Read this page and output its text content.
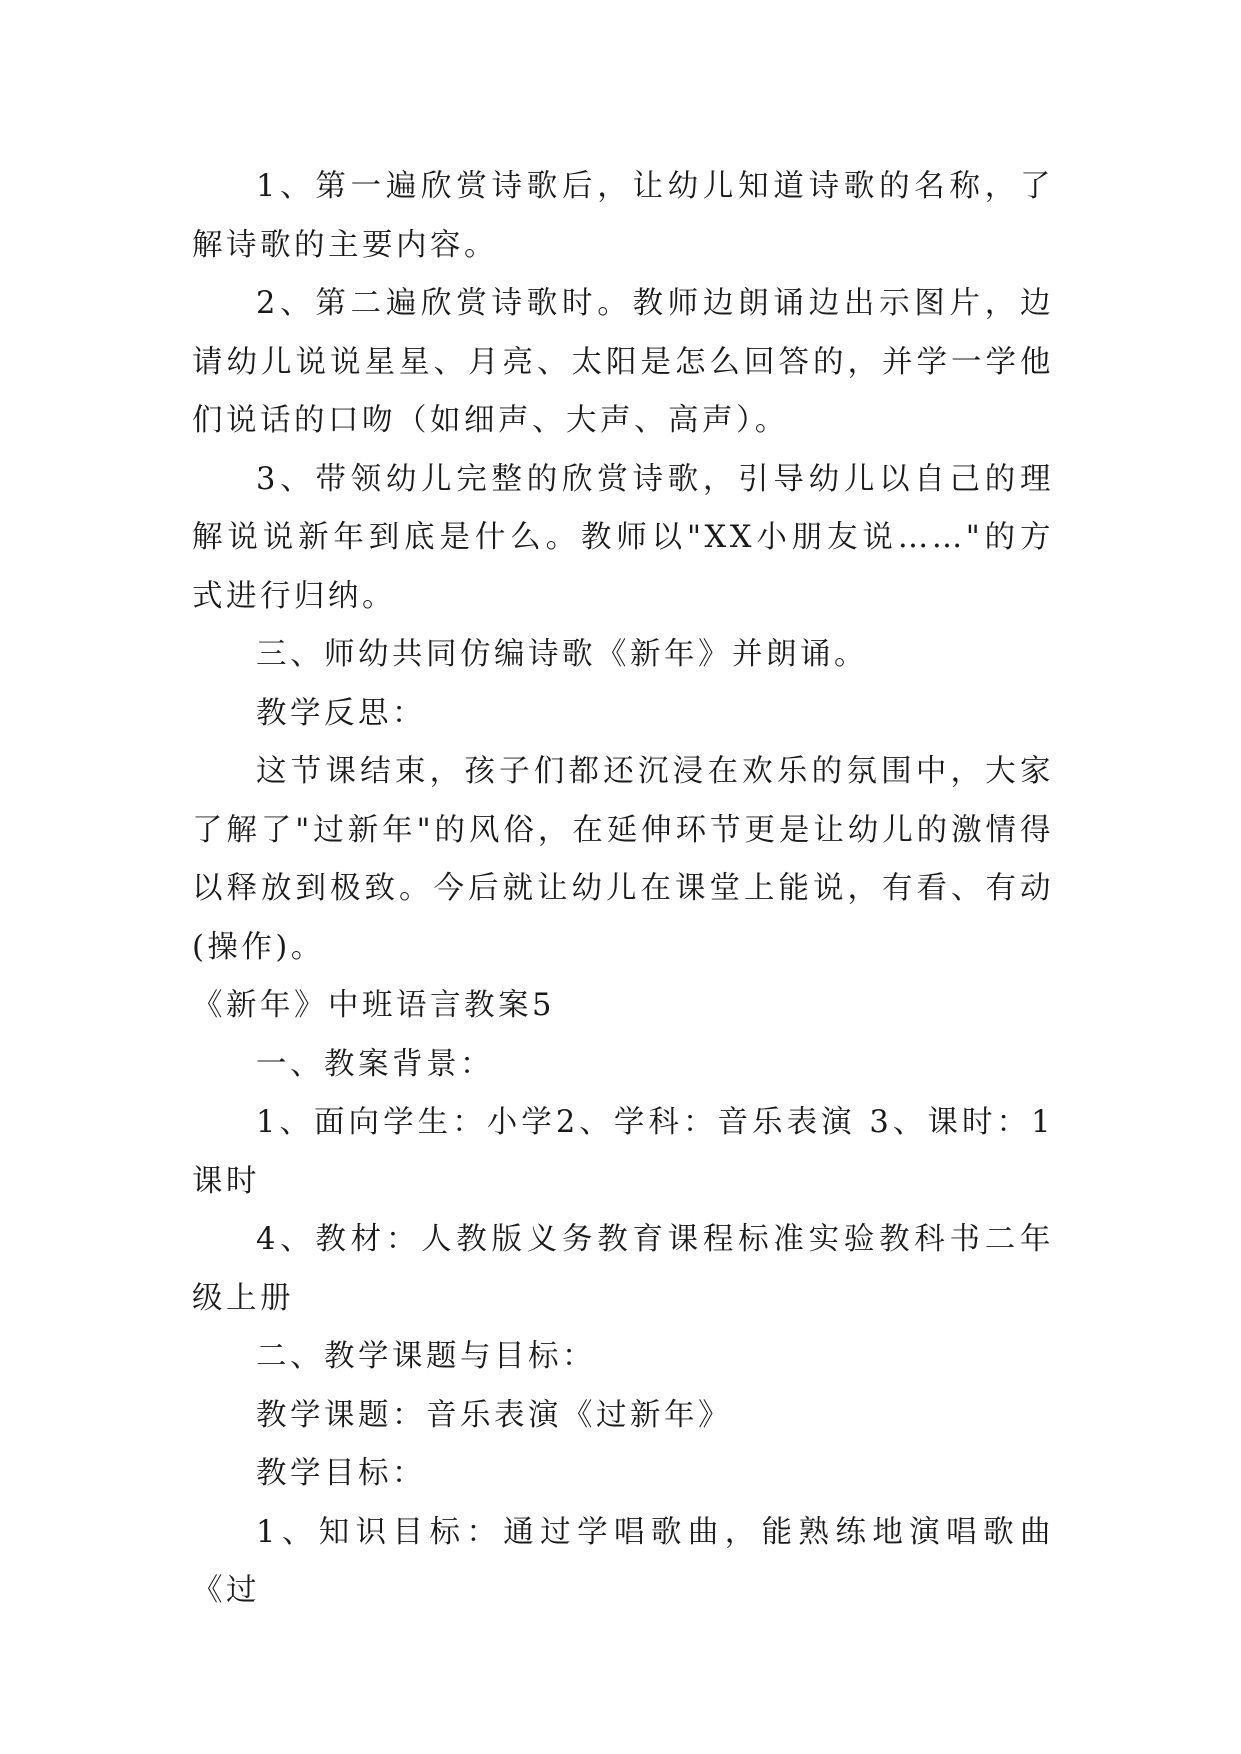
1、第一遍欣赏诗歌后，让幼儿知道诗歌的名称，了解诗歌的主要内容。

2、第二遍欣赏诗歌时。教师边朗诵边出示图片，边请幼儿说说星星、月亮、太阳是怎么回答的，并学一学他们说话的口吻（如细声、大声、高声）。

3、带领幼儿完整的欣赏诗歌，引导幼儿以自己的理解说说新年到底是什么。教师以"XX小朋友说……"的方式进行归纳。

三、师幼共同仿编诗歌《新年》并朗诵。

教学反思：

这节课结束，孩子们都还沉浸在欢乐的氛围中，大家了解了"过新年"的风俗，在延伸环节更是让幼儿的激情得以释放到极致。今后就让幼儿在课堂上能说，有看、有动(操作)。

《新年》中班语言教案5

一、教案背景：

1、面向学生：小学2、学科：音乐表演 3、课时：1课时

4、教材：人教版义务教育课程标准实验教科书二年级上册

二、教学课题与目标：

教学课题：音乐表演《过新年》

教学目标：

1、知识目标：通过学唱歌曲，能熟练地演唱歌曲《过
